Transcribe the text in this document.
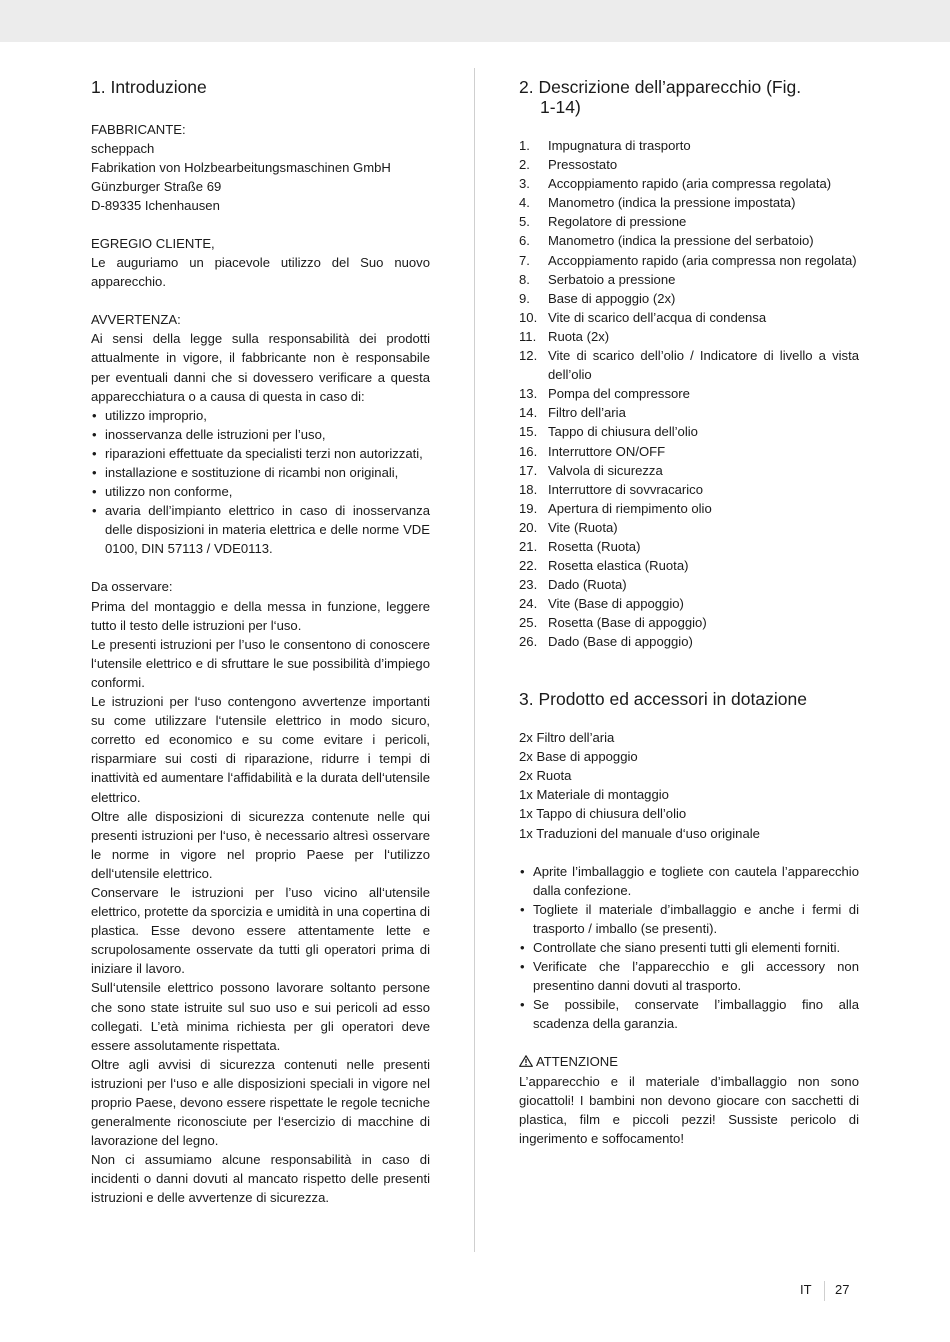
1. Introduzione
FABBRICANTE:
scheppach
Fabrikation von Holzbearbeitungsmaschinen GmbH
Günzburger Straße 69
D-89335 Ichenhausen
EGREGIO CLIENTE,

Le auguriamo un piacevole utilizzo del Suo nuovo apparecchio.

AVVERTENZA:

Ai sensi della legge sulla responsabilità dei prodotti attualmente in vigore, il fabbricante non è responsabile per eventuali danni che si dovessero verificare a questa apparecchiatura o a causa di questa in caso di:

• utilizzo improprio,
• inosservanza delle istruzioni per l’uso,
• riparazioni effettuate da specialisti terzi non autorizzati,
• installazione e sostituzione di ricambi non originali,
• utilizzo non conforme,
• avaria dell’impianto elettrico in caso di inosservanza delle disposizioni in materia elettrica e delle norme VDE 0100, DIN 57113 / VDE0113.
Da osservare:

Prima del montaggio e della messa in funzione, leggere tutto il testo delle istruzioni per l‘uso.

Le presenti istruzioni per l’uso le consentono di conoscere l‘utensile elettrico e di sfruttare le sue possibilità d’impiego conformi.

Le istruzioni per l‘uso contengono avvertenze importanti su come utilizzare l‘utensile elettrico in modo sicuro, corretto ed economico e su come evitare i pericoli, risparmiare sui costi di riparazione, ridurre i tempi di inattività ed aumentare l‘affidabilità e la durata dell‘utensile elettrico.

Oltre alle disposizioni di sicurezza contenute nelle qui presenti istruzioni per l‘uso, è necessario altresì osservare le norme in vigore nel proprio Paese per l‘utilizzo dell‘utensile elettrico.

Conservare le istruzioni per l’uso vicino all‘utensile elettrico, protette da sporcizia e umidità in una copertina di plastica. Esse devono essere attentamente lette e scrupolosamente osservate da tutti gli operatori prima di iniziare il lavoro.

Sull‘utensile elettrico possono lavorare soltanto persone che sono state istruite sul suo uso e sui pericoli ad esso collegati. L’età minima richiesta per gli operatori deve essere assolutamente rispettata.

Oltre agli avvisi di sicurezza contenuti nelle presenti istruzioni per l‘uso e alle disposizioni speciali in vigore nel proprio Paese, devono essere rispettate le regole tecniche generalmente riconosciute per l‘esercizio di macchine di lavorazione del legno.

Non ci assumiamo alcune responsabilità in caso di incidenti o danni dovuti al mancato rispetto delle presenti istruzioni e delle avvertenze di sicurezza.

2. Descrizione dell’apparecchio (Fig.
1-14)
1. Impugnatura di trasporto
2. Pressostato
3. Accoppiamento rapido (aria compressa regolata)
4. Manometro (indica la pressione impostata)
5. Regolatore di pressione
6. Manometro (indica la pressione del serbatoio)
7. Accoppiamento rapido (aria compressa non regolata)
8. Serbatoio a pressione
9. Base di appoggio (2x)
10. Vite di scarico dell’acqua di condensa
11. Ruota (2x)
12. Vite di scarico dell’olio / Indicatore di livello a vista dell’olio
13. Pompa del compressore
14. Filtro dell’aria
15. Tappo di chiusura dell’olio
16. Interruttore ON/OFF
17. Valvola di sicurezza
18. Interruttore di sovvracarico
19. Apertura di riempimento olio
20. Vite (Ruota)
21. Rosetta (Ruota)
22. Rosetta elastica (Ruota)
23. Dado (Ruota)
24. Vite (Base di appoggio)
25. Rosetta (Base di appoggio)
26. Dado (Base di appoggio)
3. Prodotto ed accessori in dotazione
2x Filtro dell’aria
2x Base di appoggio
2x Ruota
1x Materiale di montaggio
1x Tappo di chiusura dell’olio
1x Traduzioni del manuale d‘uso originale
• Aprite l’imballaggio e togliete con cautela l’apparecchio dalla confezione.
• Togliete il materiale d’imballaggio e anche i fermi di trasporto / imballo (se presenti).
• Controllate che siano presenti tutti gli elementi forniti.
• Verificate che l’apparecchio e gli accessory non presentino danni dovuti al trasporto.
• Se possibile, conservate l’imballaggio fino alla scadenza della garanzia.
ATTENZIONE

L’apparecchio e il materiale d’imballaggio non sono giocattoli! I bambini non devono giocare con sacchetti di plastica, film e piccoli pezzi! Sussiste pericolo di ingerimento e soffocamento!

IT 27
